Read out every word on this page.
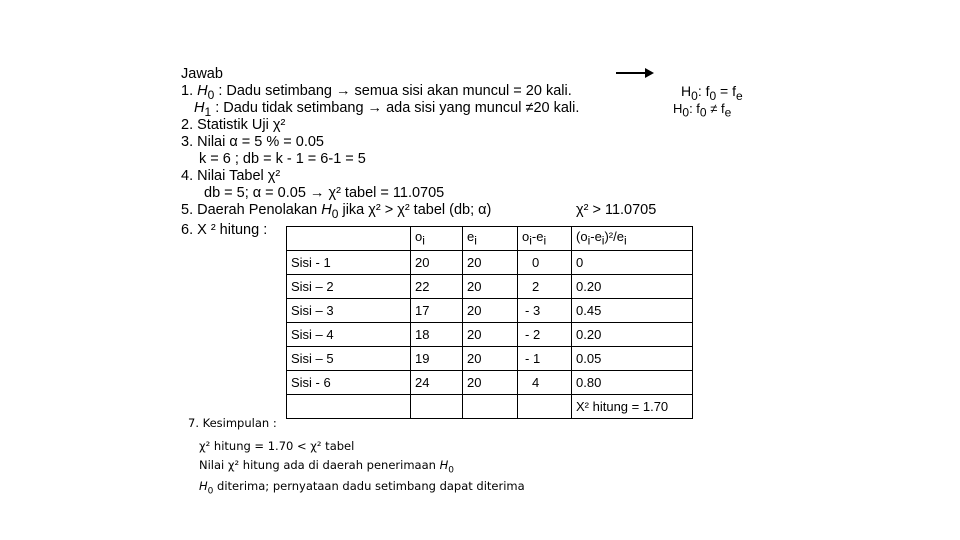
Jawab
1. $H_0$ : Dadu setimbang → semua sisi akan muncul = 20 kali.
$H_1$ : Dadu tidak setimbang → ada sisi yang muncul ≠20 kali.
2. Statistik Uji χ²
3. Nilai α = 5 % = 0.05
k = 6 ; db = k - 1 = 6-1 = 5
4. Nilai Tabel χ²
db = 5; α = 0.05 → χ² tabel = 11.0705
5. Daerah Penolakan $H_0$ jika χ² > χ² tabel (db; α)
6. X ² hitung :
$H_0$: $f_0 = f_e$
$H_0$: $f_0 \ne f_e$
χ² > 11.0705
	$o_i$	$e_i$	$o_i-e_i$	$(o_i-e_i)^2/e_i$
Sisi - 1	20	20	0	0
Sisi – 2	22	20	2	0.20
Sisi – 3	17	20	- 3	0.45
Sisi – 4	18	20	- 2	0.20
Sisi – 5	19	20	- 1	0.05
Sisi - 6	24	20	4	0.80
				X² hitung = 1.70
7. Kesimpulan :
χ² hitung = 1.70 < χ² tabel
Nilai χ² hitung ada di daerah penerimaan $H_0$
$H_0$ diterima; pernyataan dadu setimbang dapat diterima
